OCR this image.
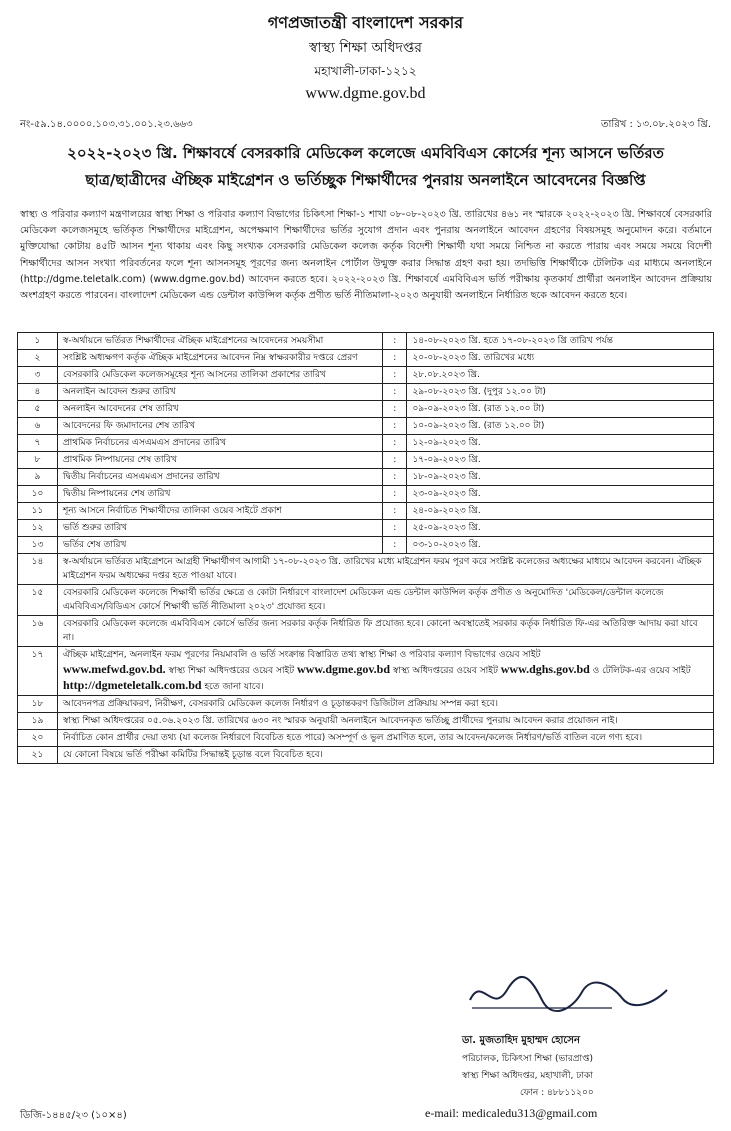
গণপ্রজাতন্ত্রী বাংলাদেশ সরকার
স্বাস্থ্য শিক্ষা অধিদপ্তর
মহাখালী-ঢাকা-১২১২
www.dgme.gov.bd
নং-৫৯.১৪.০০০০.১০৩.৩১.০০১.২৩.৬৬৩	তারিখ : ১৩.০৮.২০২৩ খ্রি.
২০২২-২০২৩ খ্রি. শিক্ষাবর্ষে বেসরকারি মেডিকেল কলেজে এমবিবিএস কোর্সের শূন্য আসনে ভর্তিরত
ছাত্র/ছাত্রীদের ঐচ্ছিক মাইগ্রেশন ও ভর্তিচ্ছুক শিক্ষার্থীদের পুনরায় অনলাইনে আবেদনের বিজ্ঞপ্তি
স্বাস্থ্য ও পরিবার কল্যাণ মন্ত্রণালয়ের স্বাস্থ্য শিক্ষা ও পরিবার কল্যাণ বিভাগের চিকিৎসা শিক্ষা-১ শাখা ০৮-০৮-২০২৩ খ্রি. তারিখের ৪৬১ নং স্মারকে ২০২২-২০২৩ খ্রি. শিক্ষাবর্ষে বেসরকারি মেডিকেল কলেজসমূহে ভর্তিকৃত শিক্ষার্থীদের মাইগ্রেশন, অপেক্ষমাণ শিক্ষার্থীদের ভর্তির সুযোগ প্রদান এবং পুনরায় অনলাইনে আবেদন গ্রহণের বিষয়সমূহ অনুমোদন করে। বর্তমানে মুক্তিযোদ্ধা কোটায় ৪৫টি আসন শূন্য থাকায় এবং কিছু সংখ্যক বেসরকারি মেডিকেল কলেজ কর্তৃক বিদেশী শিক্ষার্থী যথা সময়ে নিশ্চিত না করতে পারায় এবং সময়ে সময়ে বিদেশী শিক্ষার্থীদের আসন সংখ্যা পরিবর্তনের ফলে শূন্য আসনসমূহ পূরণের জন্য অনলাইন পোর্টাল উন্মুক্ত করার সিদ্ধান্ত গ্রহণ করা হয়। তদভিত্তি শিক্ষার্থীকে টেলিটক এর মাধ্যমে অনলাইনে (http://dgme.teletalk.com) (www.dgme.gov.bd) আবেদন করতে হবে। ২০২২-২০২৩ খ্রি. শিক্ষাবর্ষে এমবিবিএস ভর্তি পরীক্ষায় কৃতকার্য প্রার্থীরা অনলাইন আবেদন প্রক্রিয়ায় অংশগ্রহণ করতে পারবেন। বাংলাদেশ মেডিকেল এন্ড ডেন্টাল কাউন্সিল কর্তৃক প্রণীত ভর্তি নীতিমালা-২০২৩ অনুযায়ী অনলাইনে নির্ধারিত ছকে আবেদন করতে হবে।
১	স্ব-অর্থায়নে ভর্তিরত শিক্ষার্থীদের ঐচ্ছিক মাইগ্রেশনের আবেদনের সময়সীমা	:	১৪-০৮-২০২৩ খ্রি. হতে ১৭-০৮-২০২৩ খ্রি তারিখ পর্যন্ত
২	সংশ্লিষ্ট অধ্যক্ষগণ কর্তৃক ঐচ্ছিক মাইগ্রেশনের আবেদন নিম্ন স্বাক্ষরকারীর দপ্তরে প্রেরণ	:	২০-০৮-২০২৩ খ্রি. তারিখের মধ্যে
৩	বেসরকারি মেডিকেল কলেজসমূহের শূন্য আসনের তালিকা প্রকাশের তারিখ	:	২৮.০৮.২০২৩ খ্রি.
৪	অনলাইন আবেদন শুরুর তারিখ	:	২৯-০৮-২০২৩ খ্রি. (দুপুর ১২.০০ টা)
৫	অনলাইন আবেদনের শেষ তারিখ	:	০৯-০৯-২০২৩ খ্রি. (রাত ১২.০০ টা)
৬	আবেদনের ফি জমাদানের শেষ তারিখ	:	১০-০৯-২০২৩ খ্রি. (রাত ১২.০০ টা)
৭	প্রাথমিক নির্বাচনের এসএমএস প্রদানের তারিখ	:	১২-০৯-২০২৩ খ্রি.
৮	প্রাথমিক নিষ্পায়নের শেষ তারিখ	:	১৭-০৯-২০২৩ খ্রি.
৯	দ্বিতীয় নির্বাচনের এসএমএস প্রদানের তারিখ	:	১৮-০৯-২০২৩ খ্রি.
১০	দ্বিতীয় নিষ্পায়নের শেষ তারিখ	:	২৩-০৯-২০২৩ খ্রি.
১১	শূন্য আসনে নির্বাচিত শিক্ষার্থীদের তালিকা ওয়েব সাইটে প্রকাশ	:	২৪-০৯-২০২৩ খ্রি.
১২	ভর্তি শুরুর তারিখ	:	২৫-০৯-২০২৩ খ্রি.
১৩	ভর্তির শেষ তারিখ	:	০৩-১০-২০২৩ খ্রি.
১৪	স্ব-অর্থায়নে ভর্তিরত মাইগ্রেশনে আগ্রহী শিক্ষার্থীগণ আগামী ১৭-০৮-২০২৩ খ্রি. তারিখের মধ্যে মাইগ্রেশন ফরম পূরণ করে সংশ্লিষ্ট কলেজের অধ্যক্ষের মাধ্যমে আবেদন করবেন। ঐচ্ছিক মাইগ্রেশন ফরম অধ্যক্ষের দপ্তর হতে পাওয়া যাবে।		
১৫	বেসরকারি মেডিকেল কলেজে শিক্ষার্থী ভর্তির ক্ষেত্রে ও কোটা নির্ধারণে বাংলাদেশ মেডিকেল এন্ড ডেন্টাল কাউন্সিল কর্তৃক প্রণীত ও অনুমোদিত 'মেডিকেল/ডেন্টাল কলেজে এমবিবিএস/বিডিএস কোর্সে শিক্ষার্থী ভর্তি নীতিমালা ২০২৩' প্রযোজ্য হবে।		
১৬	বেসরকারি মেডিকেল কলেজে এমবিবিএস কোর্সে ভর্তির জন্য সরকার কর্তৃক নির্ধারিত ফি প্রযোজ্য হবে। কোনো অবস্থাতেই সরকার কর্তৃক নির্ধারিত ফি-এর অতিরিক্ত আদায় করা যাবে না।		
১৭	ঐচ্ছিক মাইগ্রেশন, অনলাইন ফরম পূরণের নিয়মাবলি ও ভর্তি সংক্রান্ত বিস্তারিত তথ্য স্বাস্থ্য শিক্ষা ও পরিবার কল্যাণ বিভাগের ওয়েব সাইট
www.mefwd.gov.bd. স্বাস্থ্য শিক্ষা অধিদপ্তরের ওয়েব সাইট www.dgme.gov.bd স্বাস্থ্য অধিদপ্তরের ওয়েব সাইট www.dghs.gov.bd ও টেলিটক-এর ওয়েব সাইট http://dgmeteletalk.com.bd হতে জানা যাবে।		
১৮	আবেদনপত্র প্রক্রিয়াকরণ, নিরীক্ষণ, বেসরকারি মেডিকেল কলেজ নির্ধারণ ও চূড়ান্তকরণ ডিজিটাল প্রক্রিয়ায় সম্পন্ন করা হবে।		
১৯	স্বাস্থ্য শিক্ষা অধিদপ্তরের ০৫.০৬.২০২৩ খ্রি. তারিখের ৬৩০ নং স্মারক অনুযায়ী অনলাইনে আবেদনকৃত ভর্তিচ্ছু প্রার্থীদের পুনরায় আবেদন করার প্রয়োজন নাই।		
২০	নির্বাচিত কোন প্রার্থীর দেয়া তথ্য (যা কলেজ নির্ধারণে বিবেচিত হতে পারে) অসম্পূর্ণ ও ভুল প্রমাণিত হলে, তার আবেদন/কলেজ নির্ধারণ/ভর্তি বাতিল বলে গণ্য হবে।		
২১	যে কোনো বিষয়ে ভর্তি পরীক্ষা কমিটির সিদ্ধান্তই চূড়ান্ত বলে বিবেচিত হবে।		
ডা. মুজতাহিদ মুহাম্মদ হোসেন
পরিচালক, চিকিৎসা শিক্ষা (ভারপ্রাপ্ত)
স্বাস্থ্য শিক্ষা অধিদপ্তর, মহাখালী, ঢাকা
ফোন : ৪৮৮১১২০০
ডিজি-১৪৪৫/২৩ (১০×৪)	e-mail: medicaledu313@gmail.com
